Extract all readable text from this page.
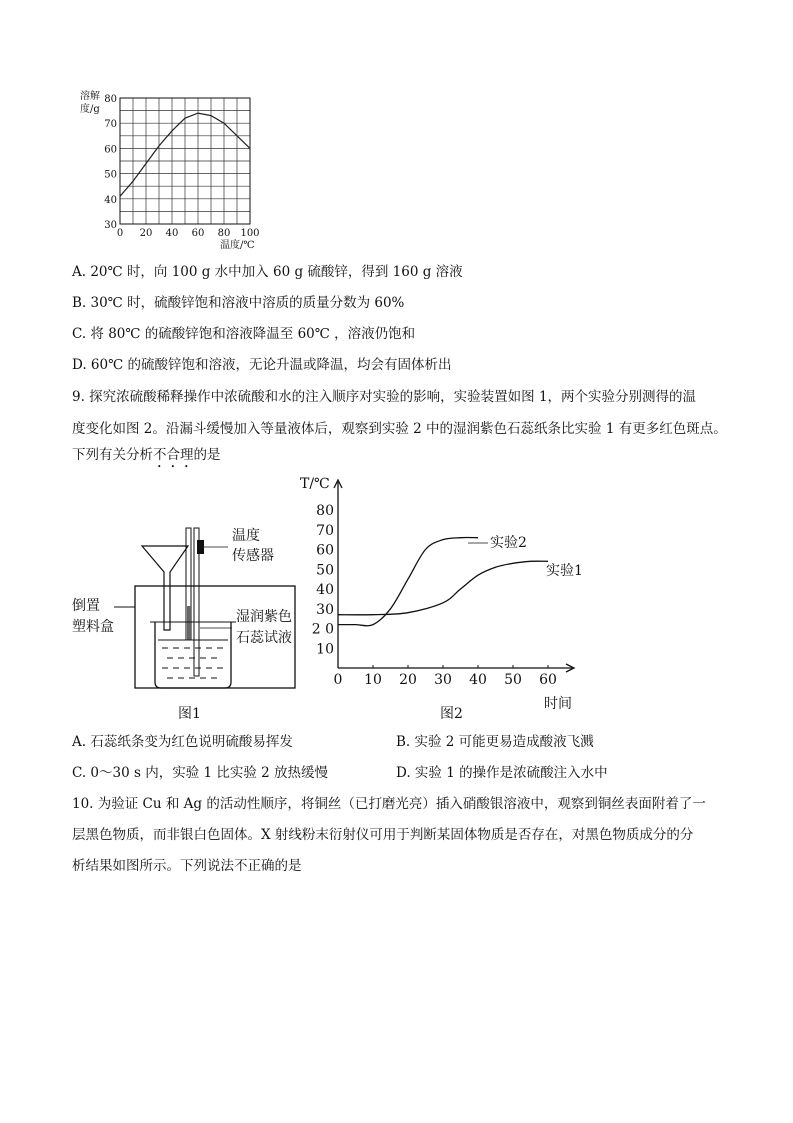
80
70
60
50
40
30
0 20 40 60 80 100
溶解
度/g
温度/℃
A. 20℃ 时，向 100 g 水中加入 60 g 硫酸锌，得到 160 g 溶液
B. 30℃ 时，硫酸锌饱和溶液中溶质的质量分数为 60%
C. 将 80℃ 的硫酸锌饱和溶液降温至 60℃ ，溶液仍饱和
D. 60℃ 的硫酸锌饱和溶液，无论升温或降温，均会有固体析出
9. 探究浓硫酸稀释操作中浓硫酸和水的注入顺序对实验的影响，实验装置如图 1，两个实验分别测得的温
度变化如图 2。沿漏斗缓慢加入等量液体后，观察到实验 2 中的湿润紫色石蕊纸条比实验 1 有更多红色斑点。
下列有关分析不合理的是
温度
传感器
倒置
塑料盒
湿润紫色
石蕊试液
图1
80
70
60
50
40
30
2 0
10
0 10 20 30 40 50 60
T/℃
时间
实验2
实验1
图2
A. 石蕊纸条变为红色说明硫酸易挥发	B. 实验 2 可能更易造成酸液飞溅
C. 0～30 s 内，实验 1 比实验 2 放热缓慢	D. 实验 1 的操作是浓硫酸注入水中
10. 为验证 Cu 和 Ag 的活动性顺序，将铜丝（已打磨光亮）插入硝酸银溶液中，观察到铜丝表面附着了一
层黑色物质，而非银白色固体。X 射线粉末衍射仪可用于判断某固体物质是否存在，对黑色物质成分的分
析结果如图所示。下列说法不正确的是
